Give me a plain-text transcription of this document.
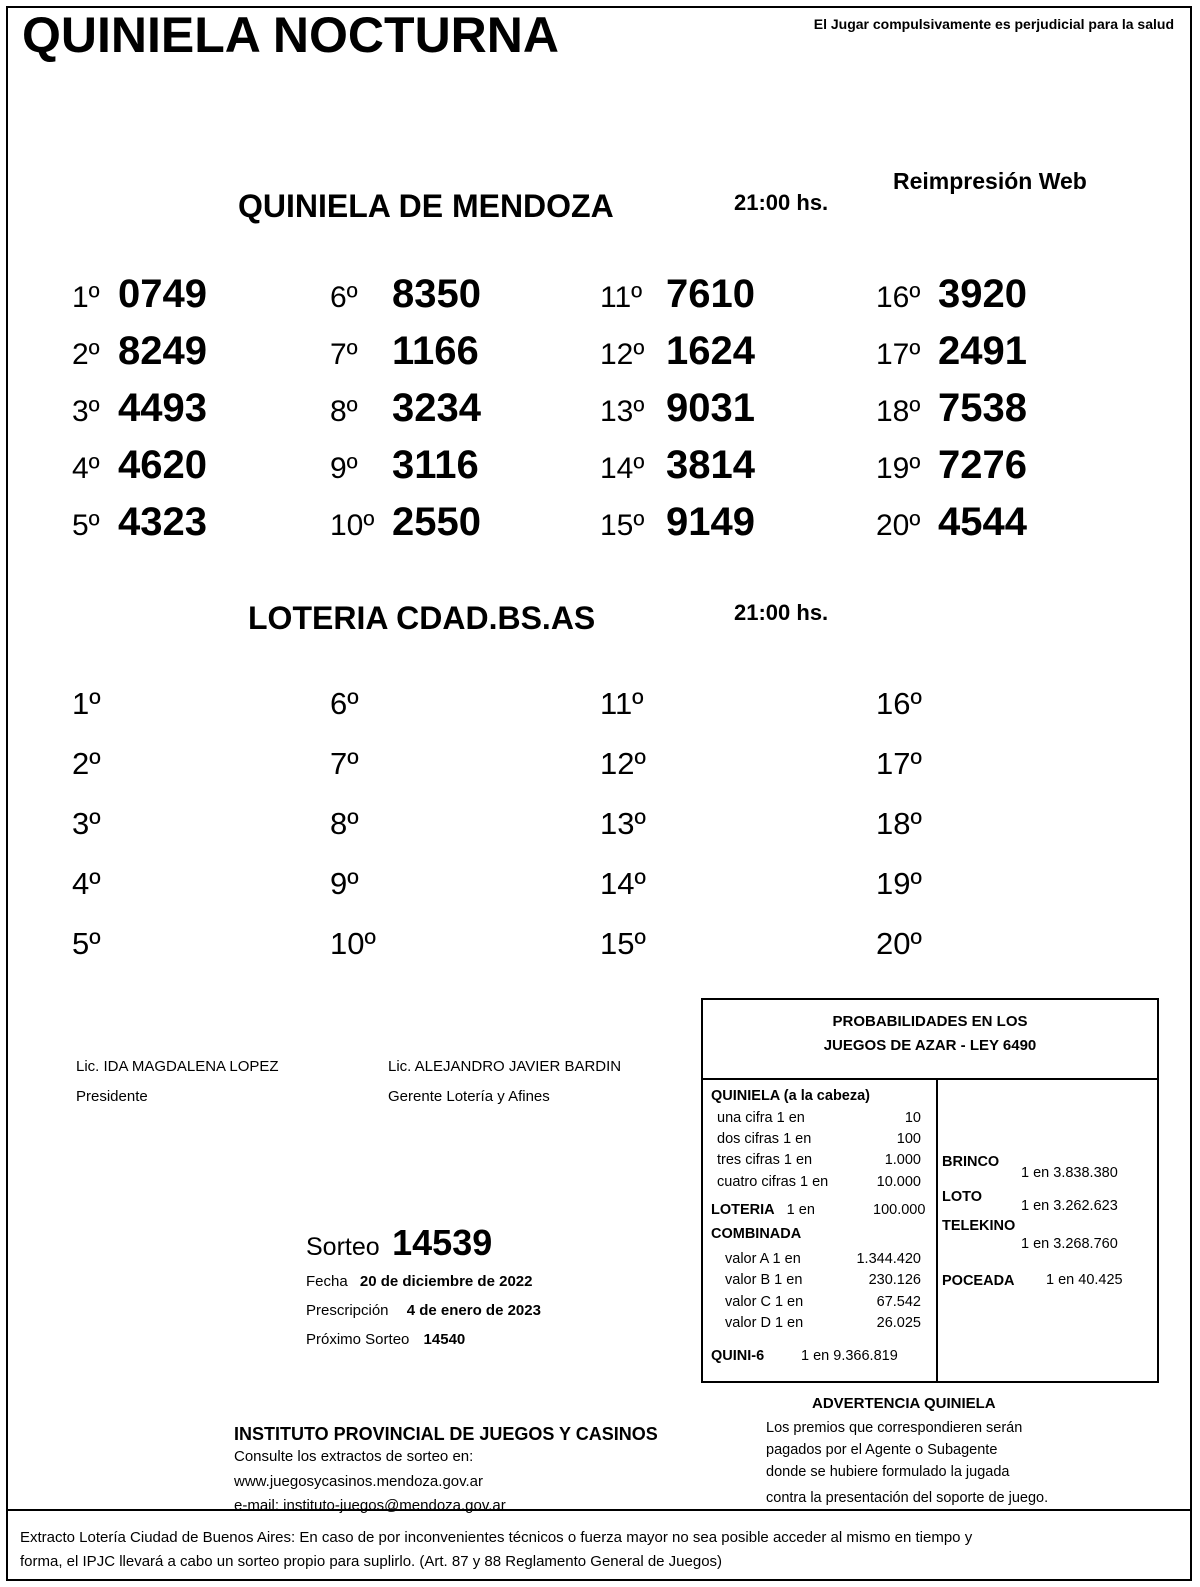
QUINIELA NOCTURNA	El Jugar compulsivamente es perjudicial para la salud
Reimpresión Web
QUINIELA DE MENDOZA	21:00 hs.
1º 0749
2º 8249
3º 4493
4º 4620
5º 4323
6º 8350
7º 1166
8º 3234
9º 3116
10º 2550
11º 7610
12º 1624
13º 9031
14º 3814
15º 9149
16º 3920
17º 2491
18º 7538
19º 7276
20º 4544
LOTERIA CDAD.BS.AS	21:00 hs.
1º
2º
3º
4º
5º
6º
7º
8º
9º
10º
11º
12º
13º
14º
15º
16º
17º
18º
19º
20º
Lic. IDA MAGDALENA LOPEZ
Presidente
Lic. ALEJANDRO JAVIER BARDIN
Gerente Lotería y Afines
Sorteo 14539
Fecha 20 de diciembre de 2022
Prescripción 4 de enero de 2023
Próximo Sorteo 14540
PROBABILIDADES EN LOS
JUEGOS DE AZAR - LEY 6490
QUINIELA (a la cabeza)
una cifra 1 en	10
dos cifras 1 en	100
tres cifras 1 en	1.000
cuatro cifras 1 en	10.000
LOTERIA 1 en	100.000
COMBINADA
valor A 1 en	1.344.420
valor B 1 en	230.126
valor C 1 en	67.542
valor D 1 en	26.025
QUINI-6	1 en 9.366.819
BRINCO
1 en 3.838.380
LOTO
1 en 3.262.623
TELEKINO
1 en 3.268.760
POCEADA 1 en 40.425
INSTITUTO PROVINCIAL DE JUEGOS Y CASINOS
Consulte los extractos de sorteo en:
www.juegosycasinos.mendoza.gov.ar
e-mail: instituto-juegos@mendoza.gov.ar
ADVERTENCIA QUINIELA
Los premios que correspondieren serán
pagados por el Agente o Subagente
donde se hubiere formulado la jugada
contra la presentación del soporte de juego.
Extracto Lotería Ciudad de Buenos Aires: En caso de por inconvenientes técnicos o fuerza mayor no sea posible acceder al mismo en tiempo y
forma, el IPJC llevará a cabo un sorteo propio para suplirlo. (Art. 87 y 88 Reglamento General de Juegos)
